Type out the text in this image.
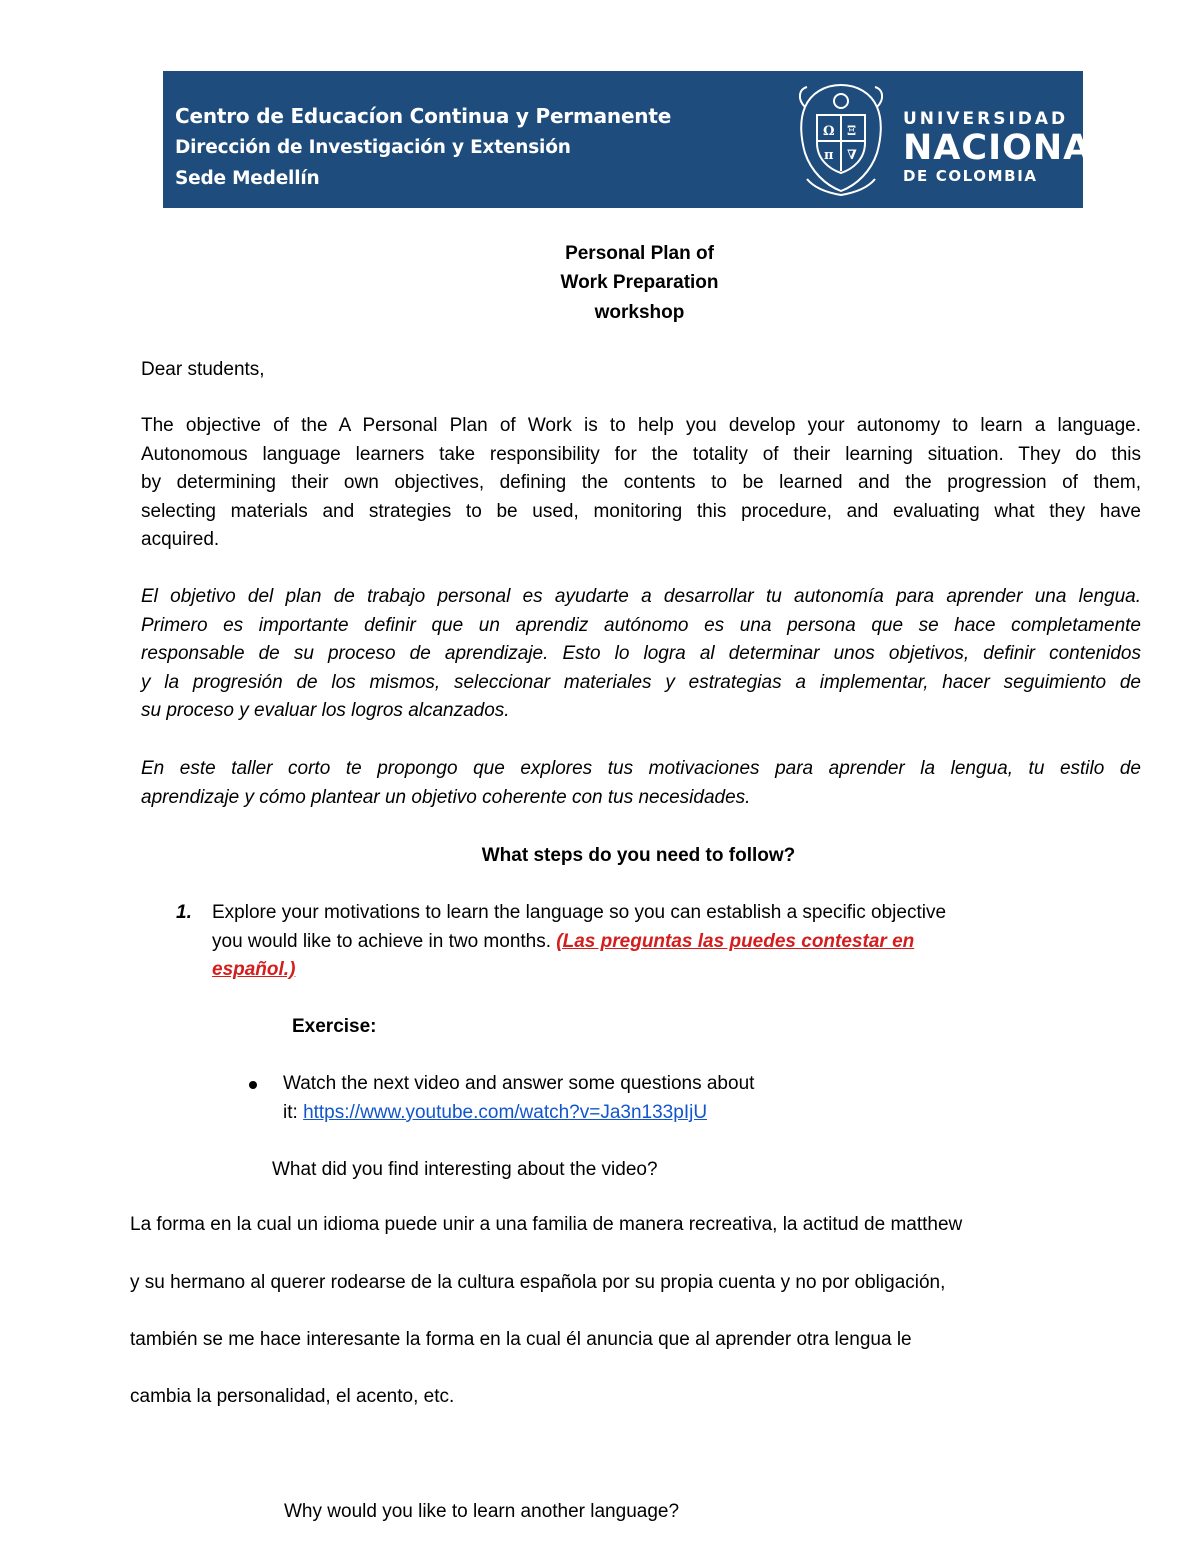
Centro de Educacíon Continua y Permanente
Dirección de Investigación y Extensión
Sede Medellín
Ω Ξ
π ∇
UNIVERSIDAD
NACIONAL
DE COLOMBIA
Personal Plan of
Work Preparation
workshop
Dear students,
The objective of the A Personal Plan of Work is to help you develop your autonomy to learn a language.
Autonomous language learners take responsibility for the totality of their learning situation. They do this
by determining their own objectives, defining the contents to be learned and the progression of them,
selecting materials and strategies to be used, monitoring this procedure, and evaluating what they have
acquired.
El objetivo del plan de trabajo personal es ayudarte a desarrollar tu autonomía para aprender una lengua.
Primero es importante definir que un aprendiz autónomo es una persona que se hace completamente
responsable de su proceso de aprendizaje. Esto lo logra al determinar unos objetivos, definir contenidos
y la progresión de los mismos, seleccionar materiales y estrategias a implementar, hacer seguimiento de
su proceso y evaluar los logros alcanzados.
En este taller corto te propongo que explores tus motivaciones para aprender la lengua, tu estilo de
aprendizaje y cómo plantear un objetivo coherente con tus necesidades.
What steps do you need to follow?
1. Explore your motivations to learn the language so you can establish a specific objective
you would like to achieve in two months. (Las preguntas las puedes contestar en
español.)
Exercise:
Watch the next video and answer some questions about
it: https://www.youtube.com/watch?v=Ja3n133pIjU
What did you find interesting about the video?
La forma en la cual un idioma puede unir a una familia de manera recreativa, la actitud de matthew
y su hermano al querer rodearse de la cultura española por su propia cuenta y no por obligación,
también se me hace interesante la forma en la cual él anuncia que al aprender otra lengua le
cambia la personalidad, el acento, etc.
Why would you like to learn another language?
